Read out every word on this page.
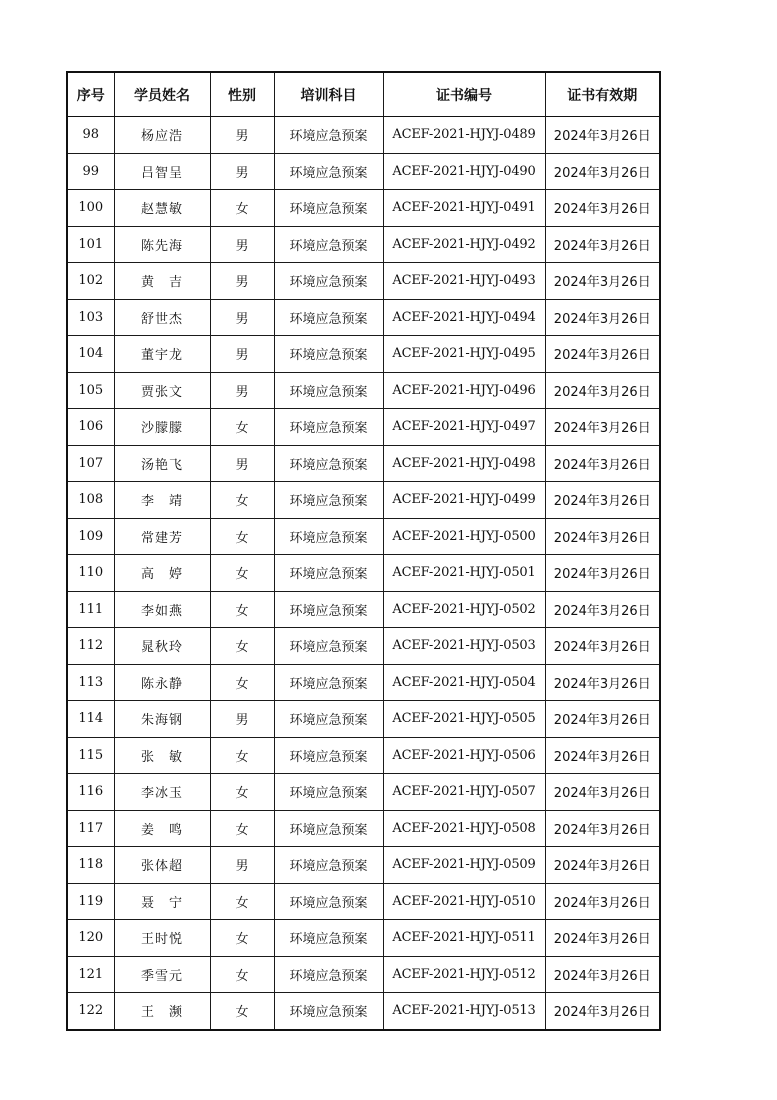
序号	学员姓名	性别	培训科目	证书编号	证书有效期
98	杨应浩	男	环境应急预案	ACEF-2021-HJYJ-0489	2024年3月26日
99	吕智呈	男	环境应急预案	ACEF-2021-HJYJ-0490	2024年3月26日
100	赵慧敏	女	环境应急预案	ACEF-2021-HJYJ-0491	2024年3月26日
101	陈先海	男	环境应急预案	ACEF-2021-HJYJ-0492	2024年3月26日
102	黄　吉	男	环境应急预案	ACEF-2021-HJYJ-0493	2024年3月26日
103	舒世杰	男	环境应急预案	ACEF-2021-HJYJ-0494	2024年3月26日
104	董宇龙	男	环境应急预案	ACEF-2021-HJYJ-0495	2024年3月26日
105	贾张文	男	环境应急预案	ACEF-2021-HJYJ-0496	2024年3月26日
106	沙朦朦	女	环境应急预案	ACEF-2021-HJYJ-0497	2024年3月26日
107	汤艳飞	男	环境应急预案	ACEF-2021-HJYJ-0498	2024年3月26日
108	李　靖	女	环境应急预案	ACEF-2021-HJYJ-0499	2024年3月26日
109	常建芳	女	环境应急预案	ACEF-2021-HJYJ-0500	2024年3月26日
110	高　婷	女	环境应急预案	ACEF-2021-HJYJ-0501	2024年3月26日
111	李如燕	女	环境应急预案	ACEF-2021-HJYJ-0502	2024年3月26日
112	晁秋玲	女	环境应急预案	ACEF-2021-HJYJ-0503	2024年3月26日
113	陈永静	女	环境应急预案	ACEF-2021-HJYJ-0504	2024年3月26日
114	朱海钢	男	环境应急预案	ACEF-2021-HJYJ-0505	2024年3月26日
115	张　敏	女	环境应急预案	ACEF-2021-HJYJ-0506	2024年3月26日
116	李冰玉	女	环境应急预案	ACEF-2021-HJYJ-0507	2024年3月26日
117	姜　鸣	女	环境应急预案	ACEF-2021-HJYJ-0508	2024年3月26日
118	张体超	男	环境应急预案	ACEF-2021-HJYJ-0509	2024年3月26日
119	聂　宁	女	环境应急预案	ACEF-2021-HJYJ-0510	2024年3月26日
120	王时悦	女	环境应急预案	ACEF-2021-HJYJ-0511	2024年3月26日
121	季雪元	女	环境应急预案	ACEF-2021-HJYJ-0512	2024年3月26日
122	王　濒	女	环境应急预案	ACEF-2021-HJYJ-0513	2024年3月26日
